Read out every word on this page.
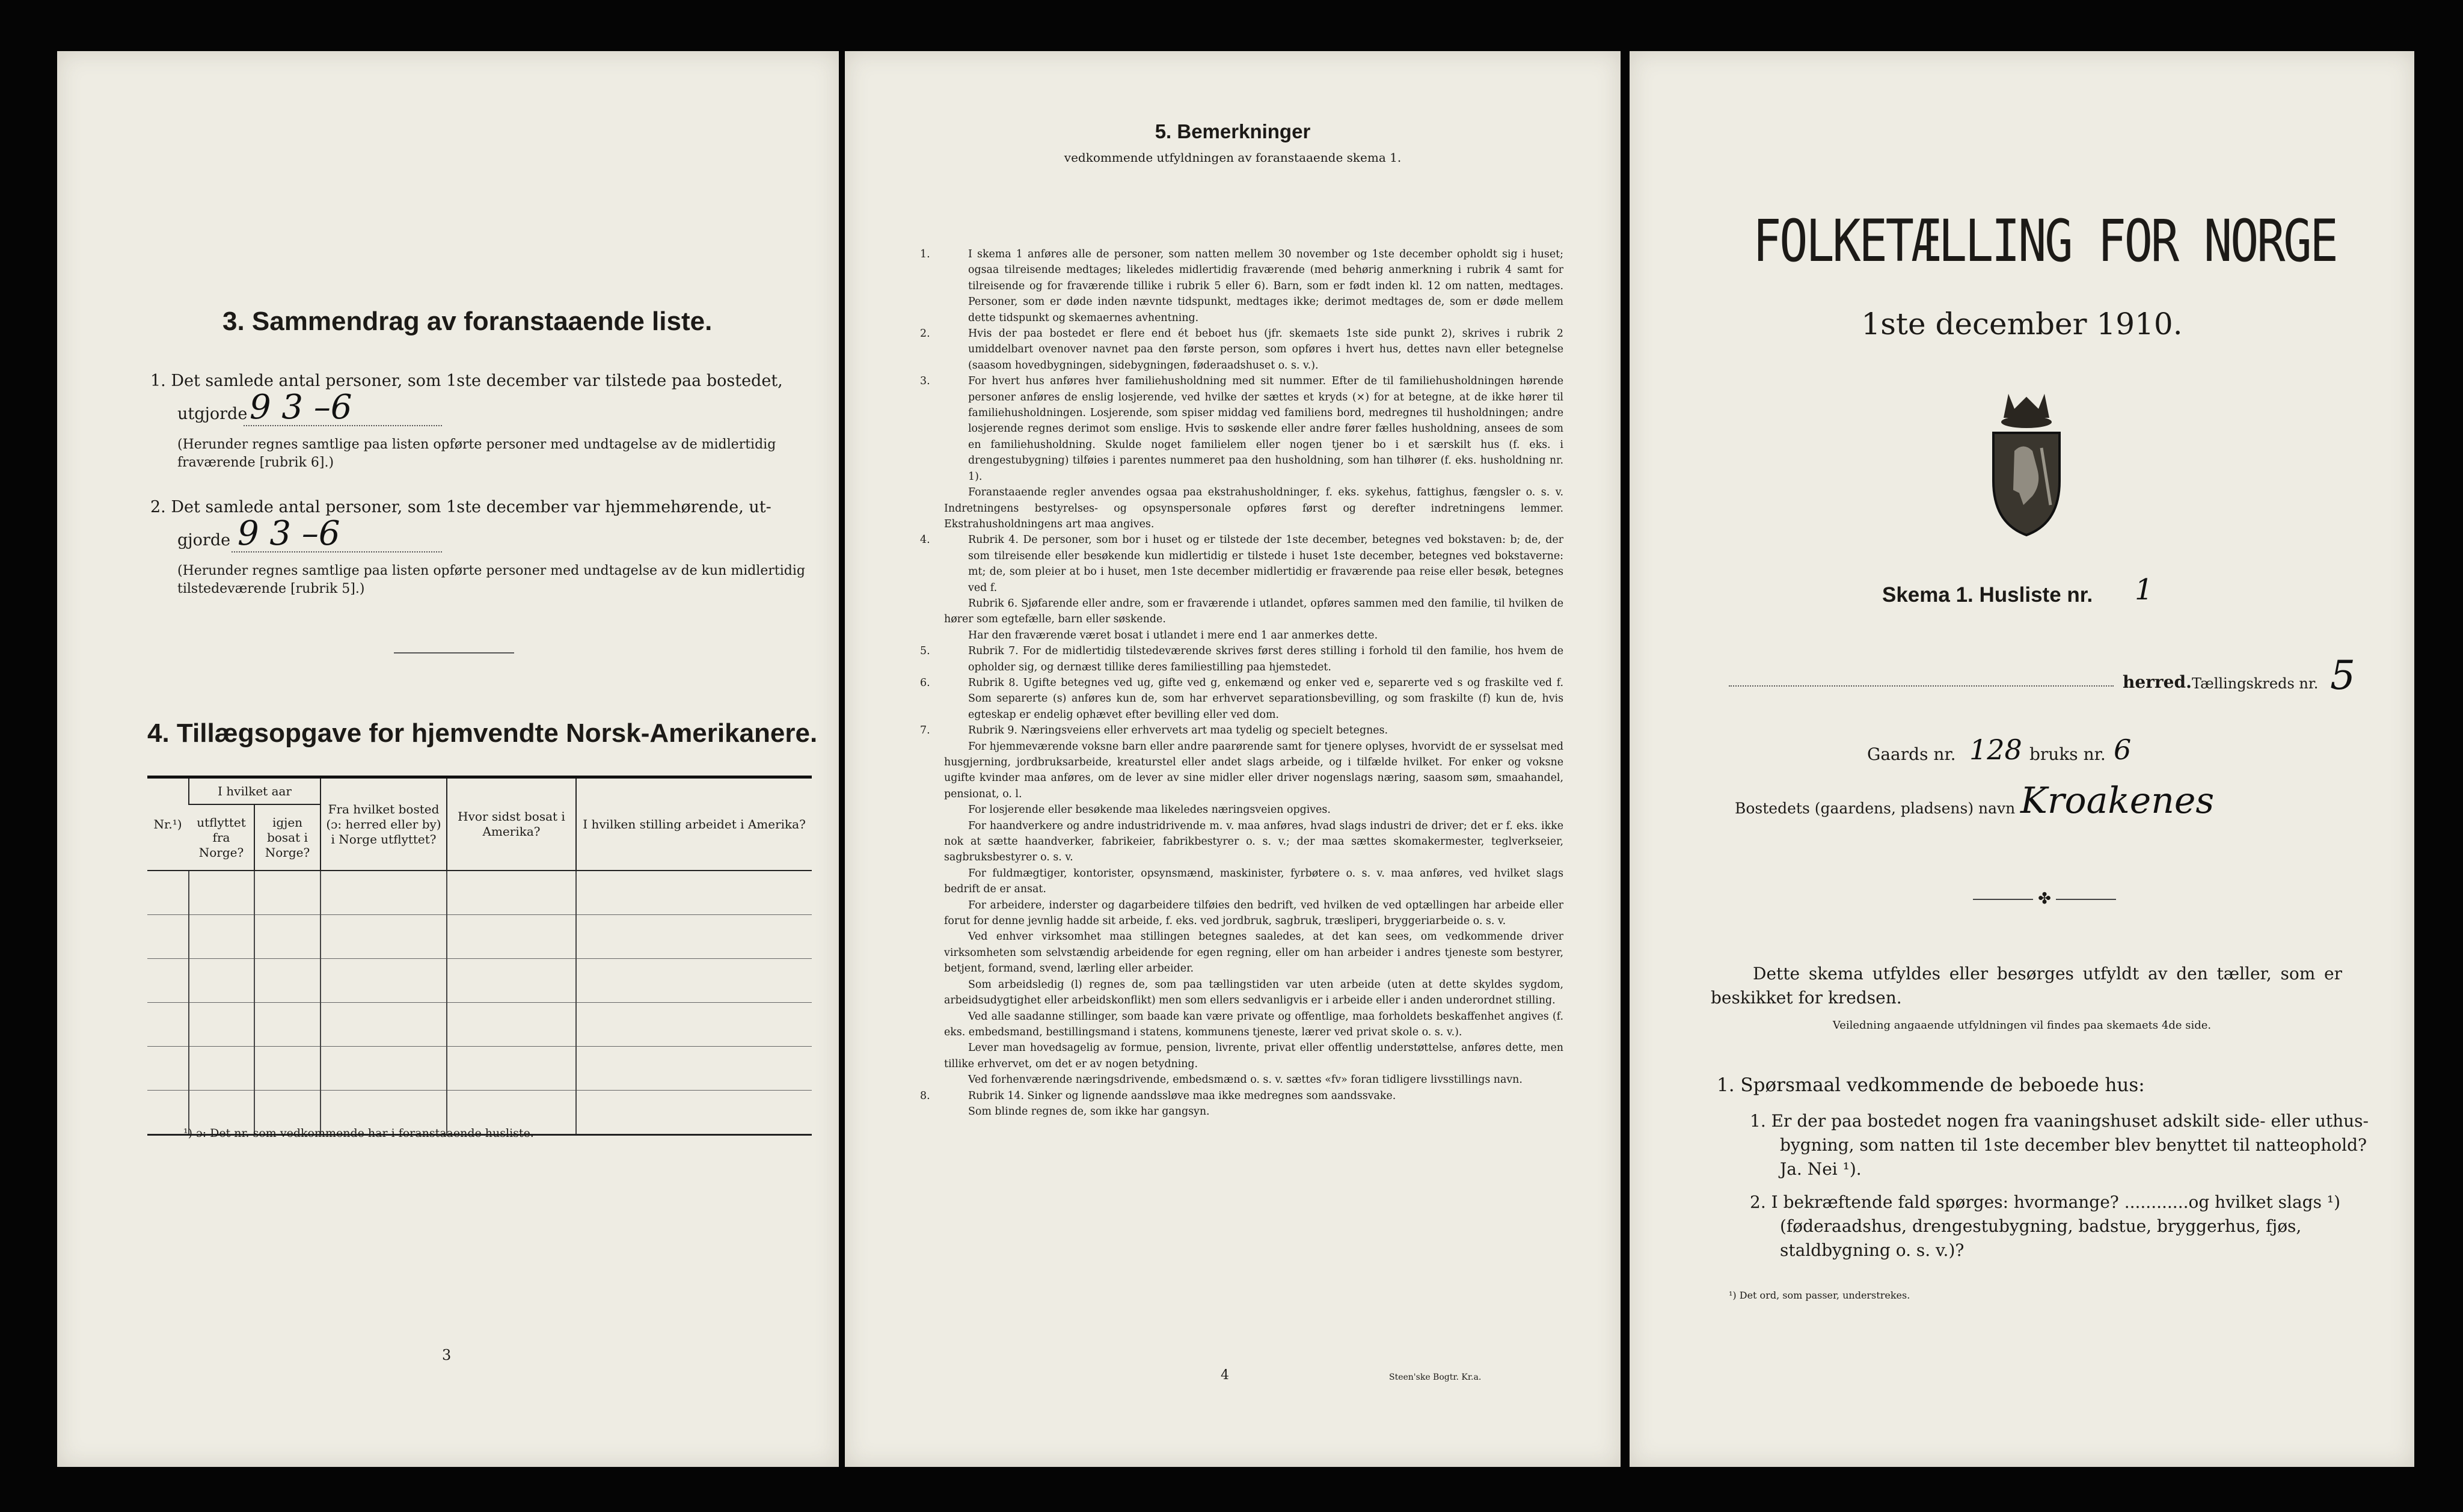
3. Sammendrag av foranstaaende liste.
1. Det samlede antal personer, som 1ste december var tilstede paa bostedet,
utgjorde 9 3 –6
(Herunder regnes samtlige paa listen opførte personer med undtagelse av de midlertidig fraværende [rubrik 6].)
2. Det samlede antal personer, som 1ste december var hjemmehørende, ut-
gjorde 9 3 –6
(Herunder regnes samtlige paa listen opførte personer med undtagelse av de kun midlertidig tilstedeværende [rubrik 5].)
4. Tillægsopgave for hjemvendte Norsk-Amerikanere.
Nr.¹)	I hvilket aar		Fra hvilket bosted (ɔ: herred eller by) i Norge utflyttet?	Hvor sidst bosat i Amerika?	I hvilken stilling arbeidet i Amerika?
	utflyttet fra Norge?	igjen bosat i Norge?			

¹) ɔ: Det nr. som vedkommende har i foranstaaende husliste.
3
5. Bemerkninger
vedkommende utfyldningen av foranstaaende skema 1.

1.	I skema 1 anføres alle de personer, som natten mellem 30 november og 1ste december opholdt sig i huset; ogsaa tilreisende medtages; likeledes midlertidig fraværende (med behørig anmerkning i rubrik 4 samt for tilreisende og for fraværende tillike i rubrik 5 eller 6). Barn, som er født inden kl. 12 om natten, medtages. Personer, som er døde inden nævnte tidspunkt, medtages ikke; derimot medtages de, som er døde mellem dette tidspunkt og skemaernes avhentning.

2.	Hvis der paa bostedet er flere end ét beboet hus (jfr. skemaets 1ste side punkt 2), skrives i rubrik 2 umiddelbart ovenover navnet paa den første person, som opføres i hvert hus, dettes navn eller betegnelse (saasom hovedbygningen, sidebygningen, føderaadshuset o. s. v.).

3.	For hvert hus anføres hver familiehusholdning med sit nummer. Efter de til familiehusholdningen hørende personer anføres de enslig losjerende, ved hvilke der sættes et kryds (×) for at betegne, at de ikke hører til familiehusholdningen. Losjerende, som spiser middag ved familiens bord, medregnes til husholdningen; andre losjerende regnes derimot som enslige. Hvis to søskende eller andre fører fælles husholdning, ansees de som en familiehusholdning. Skulde noget familielem eller nogen tjener bo i et særskilt hus (f. eks. i drengestubygning) tilføies i parentes nummeret paa den husholdning, som han tilhører (f. eks. husholdning nr. 1).

Foranstaaende regler anvendes ogsaa paa ekstrahusholdninger, f. eks. sykehus, fattighus, fængsler o. s. v. Indretningens bestyrelses- og opsynspersonale opføres først og derefter indretningens lemmer. Ekstrahusholdningens art maa angives.

4.	Rubrik 4. De personer, som bor i huset og er tilstede der 1ste december, betegnes ved bokstaven: b; de, der som tilreisende eller besøkende kun midlertidig er tilstede i huset 1ste december, betegnes ved bokstaverne: mt; de, som pleier at bo i huset, men 1ste december midlertidig er fraværende paa reise eller besøk, betegnes ved f.

Rubrik 6. Sjøfarende eller andre, som er fraværende i utlandet, opføres sammen med den familie, til hvilken de hører som egtefælle, barn eller søskende.

Har den fraværende været bosat i utlandet i mere end 1 aar anmerkes dette.

5.	Rubrik 7. For de midlertidig tilstedeværende skrives først deres stilling i forhold til den familie, hos hvem de opholder sig, og dernæst tillike deres familiestilling paa hjemstedet.

6.	Rubrik 8. Ugifte betegnes ved ug, gifte ved g, enkemænd og enker ved e, separerte ved s og fraskilte ved f. Som separerte (s) anføres kun de, som har erhvervet separationsbevilling, og som fraskilte (f) kun de, hvis egteskap er endelig ophævet efter bevilling eller ved dom.

7.	Rubrik 9. Næringsveiens eller erhvervets art maa tydelig og specielt betegnes.

For hjemmeværende voksne barn eller andre paarørende samt for tjenere oplyses, hvorvidt de er sysselsat med husgjerning, jordbruksarbeide, kreaturstel eller andet slags arbeide, og i tilfælde hvilket. For enker og voksne ugifte kvinder maa anføres, om de lever av sine midler eller driver nogenslags næring, saasom søm, smaahandel, pensionat, o. l.

For losjerende eller besøkende maa likeledes næringsveien opgives.

For haandverkere og andre industridrivende m. v. maa anføres, hvad slags industri de driver; det er f. eks. ikke nok at sætte haandverker, fabrikeier, fabrikbestyrer o. s. v.; der maa sættes skomakermester, teglverkseier, sagbruksbestyrer o. s. v.

For fuldmægtiger, kontorister, opsynsmænd, maskinister, fyrbøtere o. s. v. maa anføres, ved hvilket slags bedrift de er ansat.

For arbeidere, inderster og dagarbeidere tilføies den bedrift, ved hvilken de ved optællingen har arbeide eller forut for denne jevnlig hadde sit arbeide, f. eks. ved jordbruk, sagbruk, træsliperi, bryggeriarbeide o. s. v.

Ved enhver virksomhet maa stillingen betegnes saaledes, at det kan sees, om vedkommende driver virksomheten som selvstændig arbeidende for egen regning, eller om han arbeider i andres tjeneste som bestyrer, betjent, formand, svend, lærling eller arbeider.

Som arbeidsledig (l) regnes de, som paa tællingstiden var uten arbeide (uten at dette skyldes sygdom, arbeidsudygtighet eller arbeidskonflikt) men som ellers sedvanligvis er i arbeide eller i anden underordnet stilling.

Ved alle saadanne stillinger, som baade kan være private og offentlige, maa forholdets beskaffenhet angives (f. eks. embedsmand, bestillingsmand i statens, kommunens tjeneste, lærer ved privat skole o. s. v.).

Lever man hovedsagelig av formue, pension, livrente, privat eller offentlig understøttelse, anføres dette, men tillike erhvervet, om det er av nogen betydning.

Ved forhenværende næringsdrivende, embedsmænd o. s. v. sættes «fv» foran tidligere livsstillings navn.

8.	Rubrik 14. Sinker og lignende aandssløve maa ikke medregnes som aandssvake.

Som blinde regnes de, som ikke har gangsyn.

4	Steen'ske Bogtr. Kr.a.
FOLKETÆLLING FOR NORGE
1ste december 1910.
Skema 1. Husliste nr. 1
herred. Tællingskreds nr. 5
Gaards nr. 128 bruks nr. 6
Bostedets (gaardens, pladsens) navn Kroakenes
✤
Dette skema utfyldes eller besørges utfyldt av den tæller, som er beskikket for kredsen.
Veiledning angaaende utfyldningen vil findes paa skemaets 4de side.
1. Spørsmaal vedkommende de beboede hus:
1. Er der paa bostedet nogen fra vaaningshuset adskilt side- eller uthus-bygning, som natten til 1ste december blev benyttet til natteophold? Ja. Nei ¹).
2. I bekræftende fald spørges: hvormange? ............og hvilket slags ¹) (føderaadshus, drengestubygning, badstue, bryggerhus, fjøs, staldbygning o. s. v.)?
¹) Det ord, som passer, understrekes.
